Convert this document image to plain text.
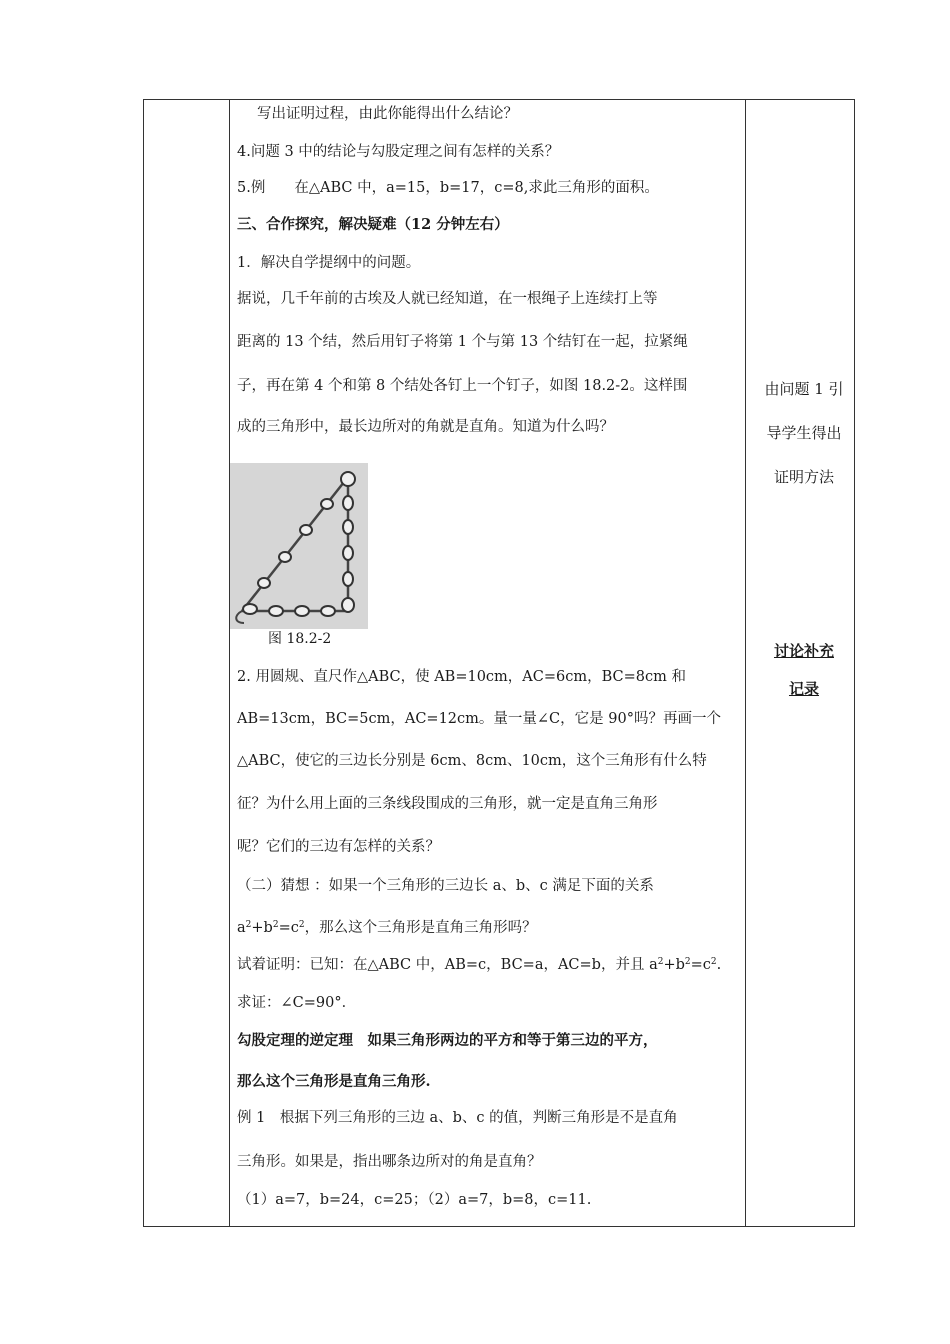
写出证明过程，由此你能得出什么结论？
4.问题 3 中的结论与勾股定理之间有怎样的关系？
5.例　　在△ABC 中，a=15，b=17，c=8,求此三角形的面积。
三、合作探究，解决疑难（12 分钟左右）
1．解决自学提纲中的问题。
据说，几千年前的古埃及人就已经知道，在一根绳子上连续打上等
距离的 13 个结，然后用钉子将第 1 个与第 13 个结钉在一起，拉紧绳
子，再在第 4 个和第 8 个结处各钉上一个钉子，如图 18.2-2。这样围
成的三角形中，最长边所对的角就是直角。知道为什么吗？
2. 用圆规、直尺作△ABC，使 AB=10cm，AC=6cm，BC=8cm 和
AB=13cm，BC=5cm，AC=12cm。量一量∠C，它是 90°吗？再画一个
△ABC，使它的三边长分别是 6cm、8cm、10cm，这个三角形有什么特
征？为什么用上面的三条线段围成的三角形，就一定是直角三角形
呢？它们的三边有怎样的关系？
（二）猜想 ：如果一个三角形的三边长 a、b、c 满足下面的关系
$a^2+b^2=c^2$，那么这个三角形是直角三角形吗？
试着证明：已知：在△ABC 中，AB=c，BC=a，AC=b，并且 $a^2+b^2=c^2$.
求证：∠C=90°．
勾股定理的逆定理　如果三角形两边的平方和等于第三边的平方，
那么这个三角形是直角三角形.
例 1　根据下列三角形的三边 a、b、c 的值，判断三角形是不是直角
三角形。如果是，指出哪条边所对的角是直角？
（1）a=7，b=24，c=25；（2）a=7，b=8，c=11.
图 18.2-2
由问题 1 引
导学生得出
证明方法
讨论补充
记录
